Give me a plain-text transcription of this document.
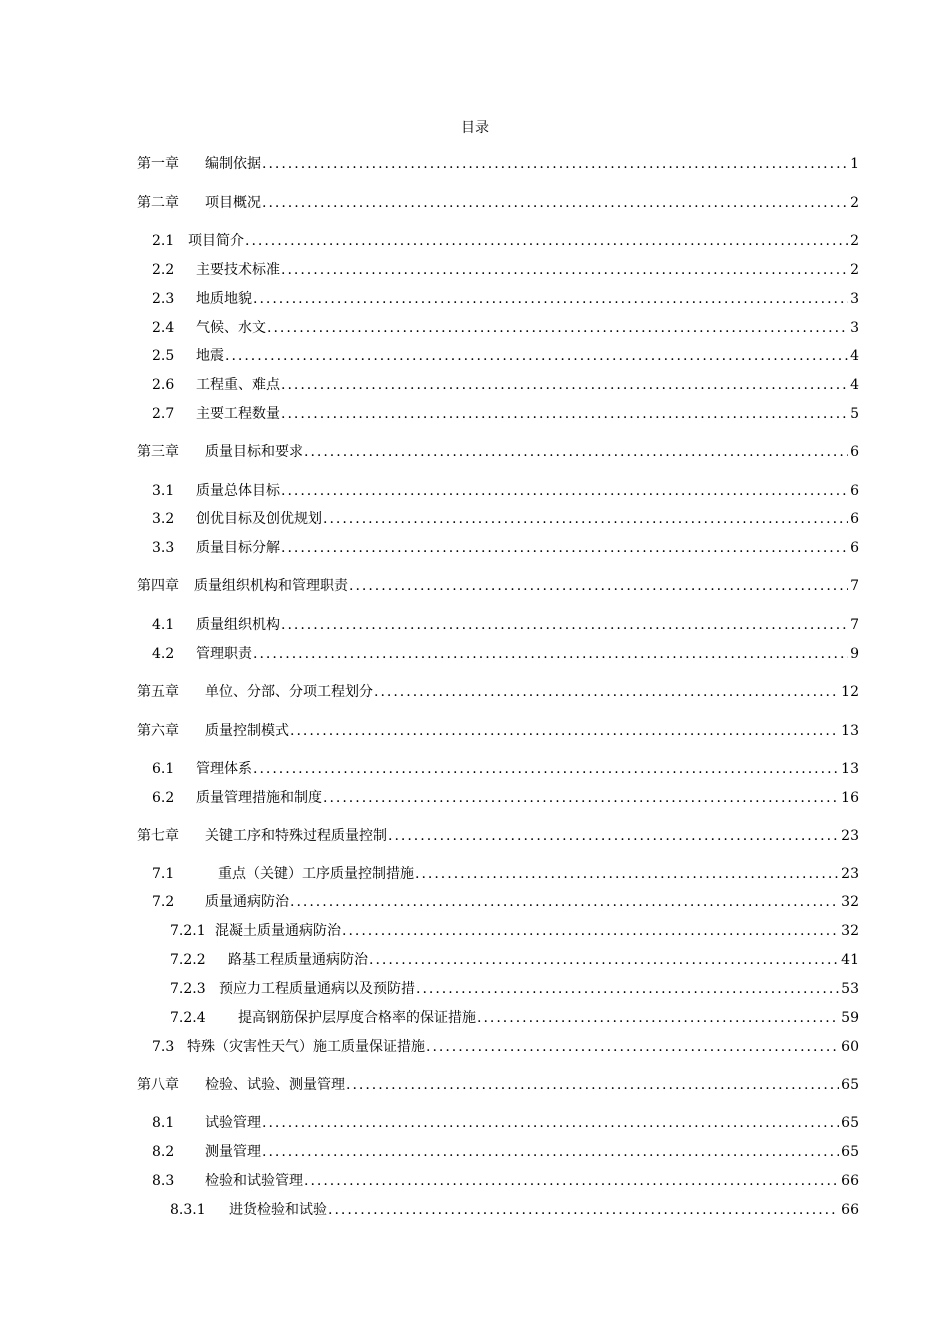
目录
第一章 编制依据 .....	1
第二章 项目概况 .....	2
2.1 项目简介 .....	2
2.2 主要技术标准 .....	2
2.3 地质地貌 .....	3
2.4 气候、水文 .....	3
2.5 地震 .....	4
2.6 工程重、难点 .....	4
2.7 主要工程数量 .....	5
第三章 质量目标和要求 .....	6
3.1 质量总体目标 .....	6
3.2 创优目标及创优规划 .....	6
3.3 质量目标分解 .....	6
第四章 质量组织机构和管理职责 .....	7
4.1 质量组织机构 .....	7
4.2 管理职责 .....	9
第五章 单位、分部、分项工程划分 .....	12
第六章 质量控制模式 .....	13
6.1 管理体系 .....	13
6.2 质量管理措施和制度 .....	16
第七章 关键工序和特殊过程质量控制 .....	23
7.1	重点（关键）工序质量控制措施 .....	23
7.2 质量通病防治 .....	32
7.2.1 混凝土质量通病防治 .....	32
7.2.2 路基工程质量通病防治 .....	41
7.2.3 预应力工程质量通病以及预防措 .....	53
7.2.4 提高钢筋保护层厚度合格率的保证措施 .....	59
7.3 特殊（灾害性天气）施工质量保证措施 .....	60
第八章 检验、试验、测量管理 .....	65
8.1 试验管理 .....	65
8.2 测量管理 .....	65
8.3 检验和试验管理 .....	66
8.3.1 进货检验和试验 .....	66
